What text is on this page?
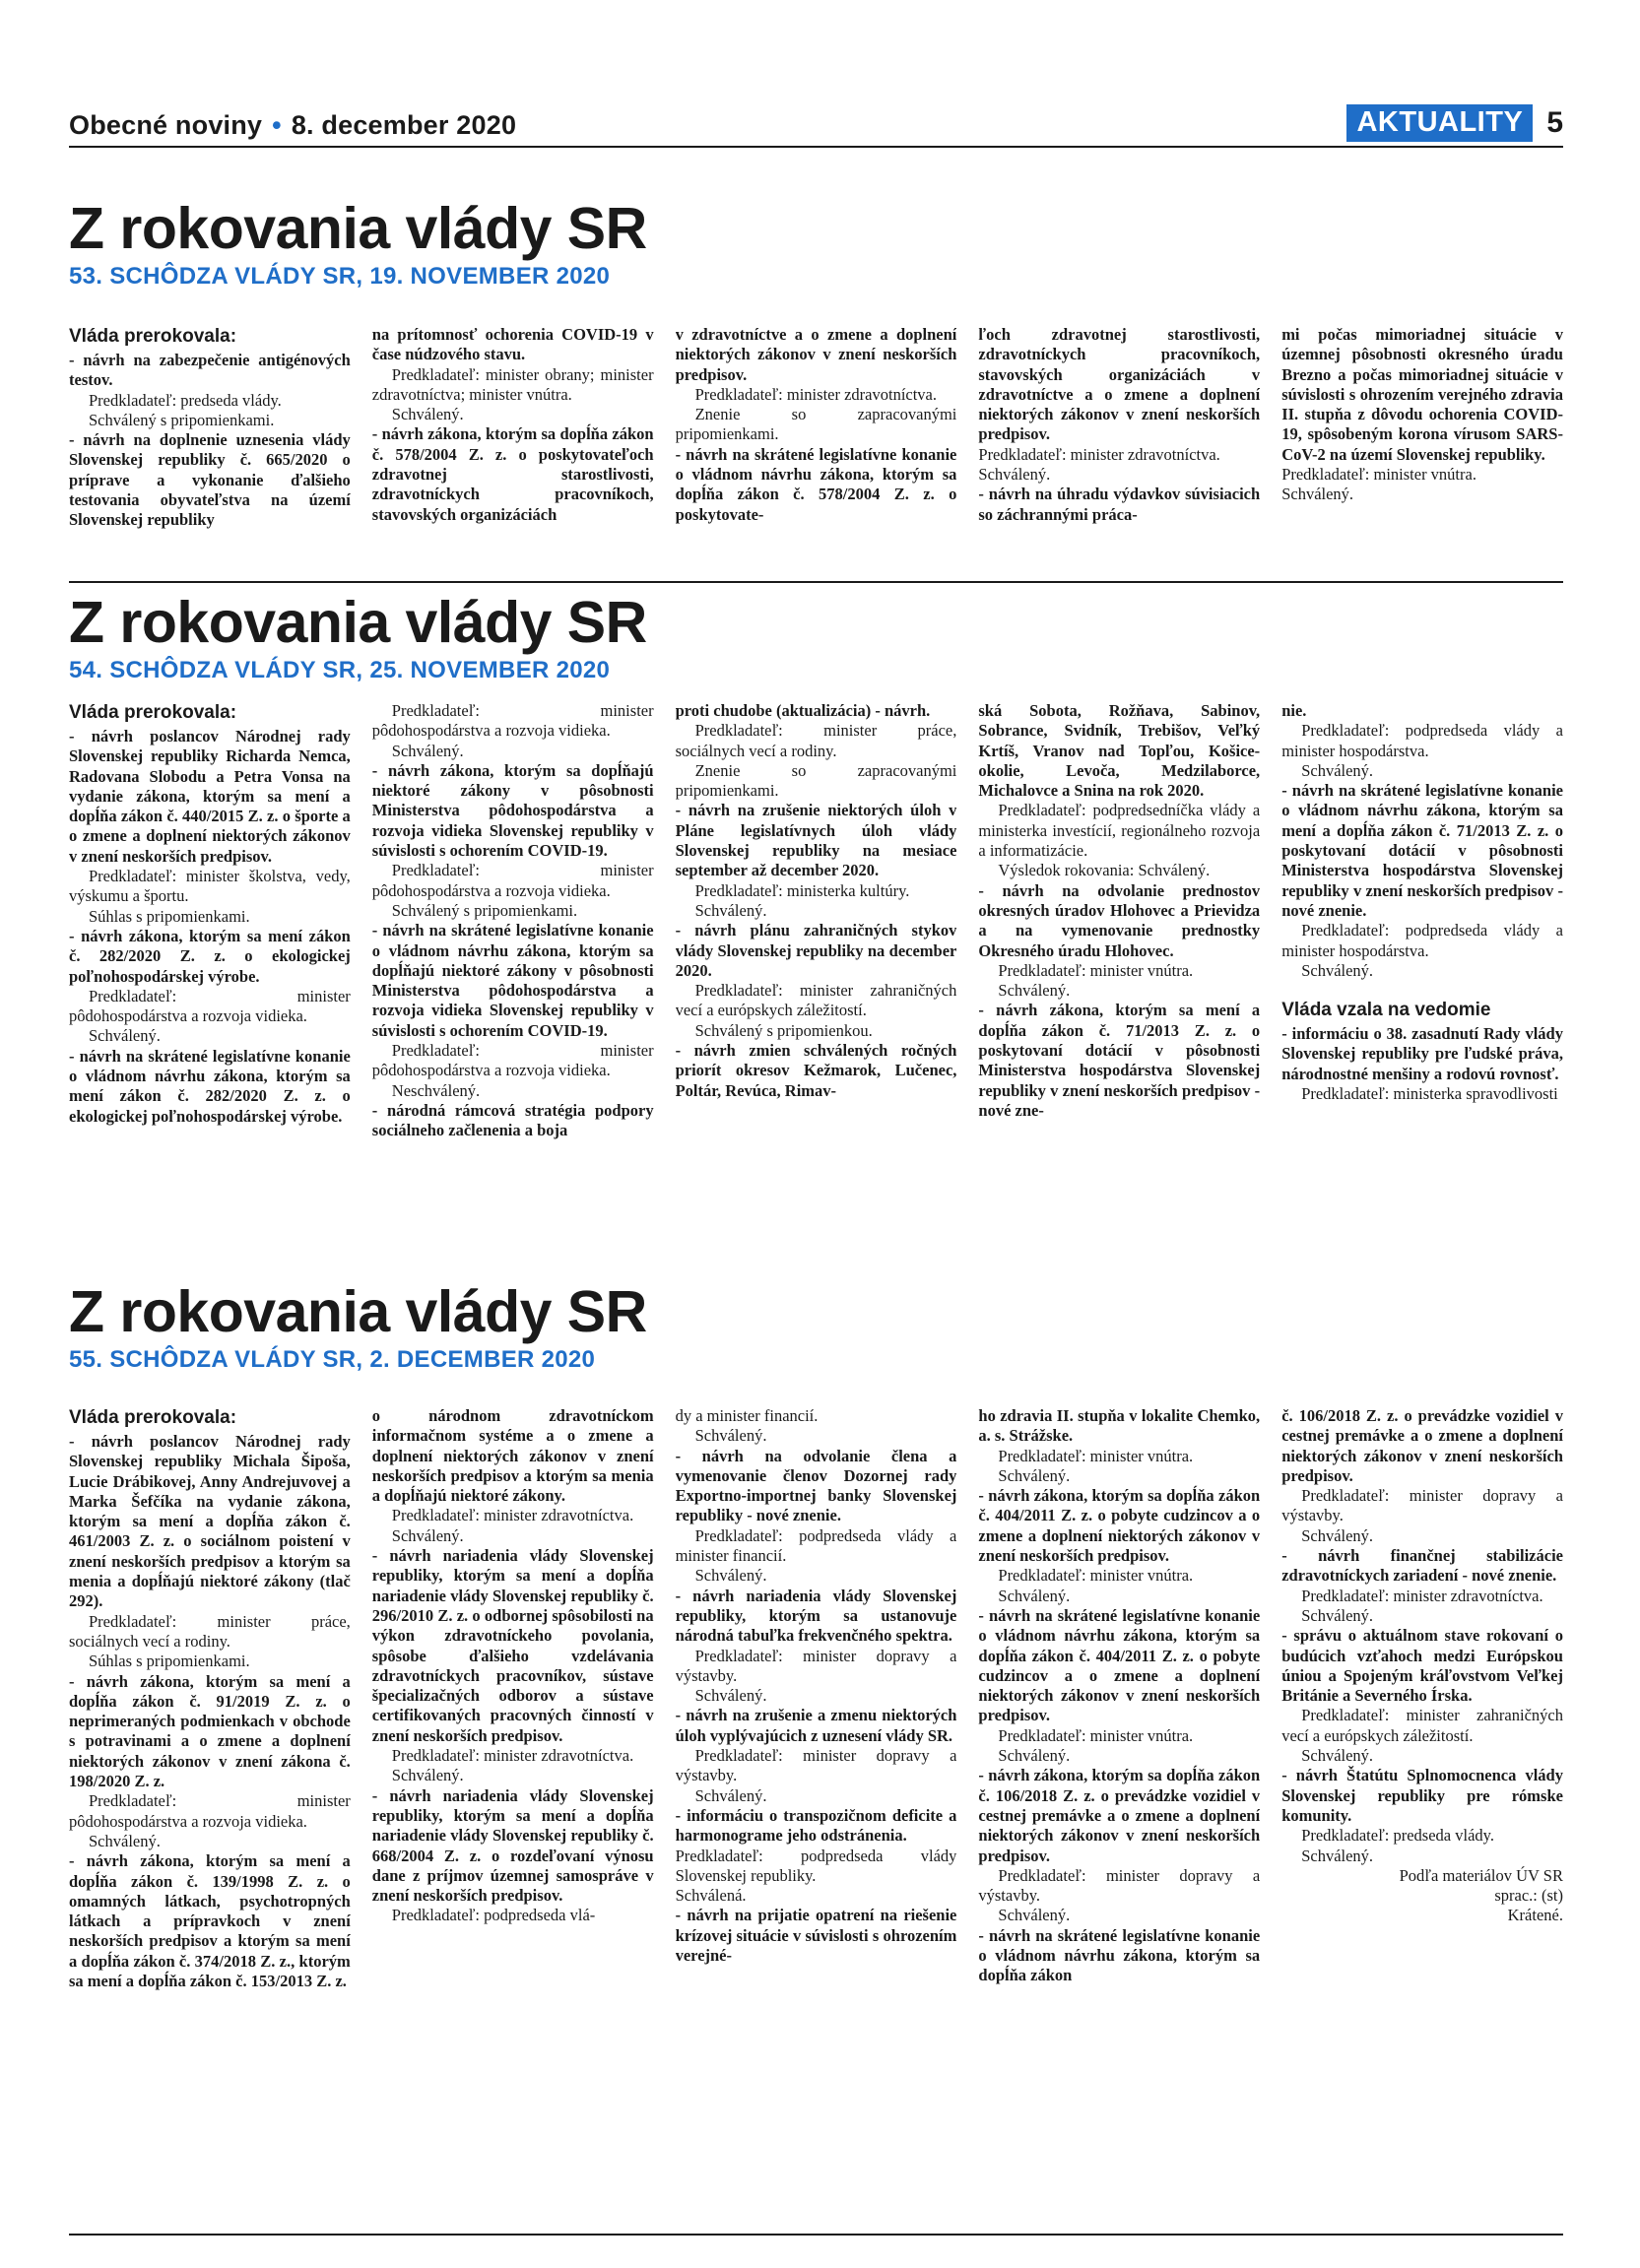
Obecné noviny • 8. december 2020	AKTUALITY 5
Z rokovania vlády SR
53. SCHÔDZA VLÁDY SR, 19. NOVEMBER 2020

Vláda prerokovala:

- návrh na zabezpečenie antigénových testov.

Predkladateľ: predseda vlády.

Schválený s pripomienkami.

- návrh na doplnenie uznesenia vlády Slovenskej republiky č. 665/2020 o príprave a vykonanie ďalšieho testovania obyvateľstva na území Slovenskej republiky

na prítomnosť ochorenia COVID-19 v čase núdzového stavu.

Predkladateľ: minister obrany; minister zdravotníctva; minister vnútra.

Schválený.

- návrh zákona, ktorým sa dopĺňa zákon č. 578/2004 Z. z. o poskytovateľoch zdravotnej starostlivosti, zdravotníckych pracovníkoch, stavovských organizáciách

v zdravotníctve a o zmene a doplnení niektorých zákonov v znení neskorších predpisov.

Predkladateľ: minister zdravotníctva.

Znenie so zapracovanými pripomienkami.

- návrh na skrátené legislatívne konanie o vládnom návrhu zákona, ktorým sa dopĺňa zákon č. 578/2004 Z. z. o poskytovate-

ľoch zdravotnej starostlivosti, zdravotníckych pracovníkoch, stavovských organizáciách v zdravotníctve a o zmene a doplnení niektorých zákonov v znení neskorších predpisov.

Predkladateľ: minister zdravotníctva.

Schválený.

- návrh na úhradu výdavkov súvisiacich so záchrannými práca-

mi počas mimoriadnej situácie v územnej pôsobnosti okresného úradu Brezno a počas mimoriadnej situácie v súvislosti s ohrozením verejného zdravia II. stupňa z dôvodu ochorenia COVID-19, spôsobeným korona vírusom SARS-CoV-2 na území Slovenskej republiky.

Predkladateľ: minister vnútra.

Schválený.

Z rokovania vlády SR
54. SCHÔDZA VLÁDY SR, 25. NOVEMBER 2020

Vláda prerokovala:

- návrh poslancov Národnej rady Slovenskej republiky Richarda Nemca, Radovana Slobodu a Petra Vonsa na vydanie zákona, ktorým sa mení a dopĺňa zákon č. 440/2015 Z. z. o športe a o zmene a doplnení niektorých zákonov v znení neskorších predpisov.

Predkladateľ: minister školstva, vedy, výskumu a športu.

Súhlas s pripomienkami.

- návrh zákona, ktorým sa mení zákon č. 282/2020 Z. z. o ekologickej poľnohospodárskej výrobe.

Predkladateľ: minister pôdohospodárstva a rozvoja vidieka.

Schválený.

- návrh na skrátené legislatívne konanie o vládnom návrhu zákona, ktorým sa mení zákon č. 282/2020 Z. z. o ekologickej poľnohospodárskej výrobe.

Predkladateľ: minister pôdohospodárstva a rozvoja vidieka.

Schválený.

- návrh zákona, ktorým sa dopĺňajú niektoré zákony v pôsobnosti Ministerstva pôdohospodárstva a rozvoja vidieka Slovenskej republiky v súvislosti s ochorením COVID-19.

Predkladateľ: minister pôdohospodárstva a rozvoja vidieka.

Schválený s pripomienkami.

- návrh na skrátené legislatívne konanie o vládnom návrhu zákona, ktorým sa dopĺňajú niektoré zákony v pôsobnosti Ministerstva pôdohospodárstva a rozvoja vidieka Slovenskej republiky v súvislosti s ochorením COVID-19.

Predkladateľ: minister pôdohospodárstva a rozvoja vidieka.

Neschválený.

- národná rámcová stratégia podpory sociálneho začlenenia a boja

proti chudobe (aktualizácia) - návrh.

Predkladateľ: minister práce, sociálnych vecí a rodiny.

Znenie so zapracovanými pripomienkami.

- návrh na zrušenie niektorých úloh v Pláne legislatívnych úloh vlády Slovenskej republiky na mesiace september až december 2020.

Predkladateľ: ministerka kultúry.

Schválený.

- návrh plánu zahraničných stykov vlády Slovenskej republiky na december 2020.

Predkladateľ: minister zahraničných vecí a európskych záležitostí.

Schválený s pripomienkou.

- návrh zmien schválených ročných priorít okresov Kežmarok, Lučenec, Poltár, Revúca, Rimav-

ská Sobota, Rožňava, Sabinov, Sobrance, Svidník, Trebišov, Veľký Krtíš, Vranov nad Topľou, Košice-okolie, Levoča, Medzilaborce, Michalovce a Snina na rok 2020.

Predkladateľ: podpredsedníčka vlády a ministerka investícií, regionálneho rozvoja a informatizácie.

Výsledok rokovania: Schválený.

- návrh na odvolanie prednostov okresných úradov Hlohovec a Prievidza a na vymenovanie prednostky Okresného úradu Hlohovec.

Predkladateľ: minister vnútra.

Schválený.

- návrh zákona, ktorým sa mení a dopĺňa zákon č. 71/2013 Z. z. o poskytovaní dotácií v pôsobnosti Ministerstva hospodárstva Slovenskej republiky v znení neskorších predpisov - nové zne-

nie.

Predkladateľ: podpredseda vlády a minister hospodárstva.

Schválený.

- návrh na skrátené legislatívne konanie o vládnom návrhu zákona, ktorým sa mení a dopĺňa zákon č. 71/2013 Z. z. o poskytovaní dotácií v pôsobnosti Ministerstva hospodárstva Slovenskej republiky v znení neskorších predpisov - nové znenie.

Predkladateľ: podpredseda vlády a minister hospodárstva.

Schválený.

Vláda vzala na vedomie

- informáciu o 38. zasadnutí Rady vlády Slovenskej republiky pre ľudské práva, národnostné menšiny a rodovú rovnosť.

Predkladateľ: ministerka spravodlivosti

Z rokovania vlády SR
55. SCHÔDZA VLÁDY SR, 2. DECEMBER 2020

Vláda prerokovala:

- návrh poslancov Národnej rady Slovenskej republiky Michala Šipoša, Lucie Drábikovej, Anny Andrejuvovej a Marka Šefčíka na vydanie zákona, ktorým sa mení a dopĺňa zákon č. 461/2003 Z. z. o sociálnom poistení v znení neskorších predpisov a ktorým sa menia a dopĺňajú niektoré zákony (tlač 292).

Predkladateľ: minister práce, sociálnych vecí a rodiny.

Súhlas s pripomienkami.

- návrh zákona, ktorým sa mení a dopĺňa zákon č. 91/2019 Z. z. o neprimeraných podmienkach v obchode s potravinami a o zmene a doplnení niektorých zákonov v znení zákona č. 198/2020 Z. z.

Predkladateľ: minister pôdohospodárstva a rozvoja vidieka.

Schválený.

- návrh zákona, ktorým sa mení a dopĺňa zákon č. 139/1998 Z. z. o omamných látkach, psychotropných látkach a prípravkoch v znení neskorších predpisov a ktorým sa mení a dopĺňa zákon č. 374/2018 Z. z., ktorým sa mení a dopĺňa zákon č. 153/2013 Z. z.

o národnom zdravotníckom informačnom systéme a o zmene a doplnení niektorých zákonov v znení neskorších predpisov a ktorým sa menia a dopĺňajú niektoré zákony.

Predkladateľ: minister zdravotníctva.

Schválený.

- návrh nariadenia vlády Slovenskej republiky, ktorým sa mení a dopĺňa nariadenie vlády Slovenskej republiky č. 296/2010 Z. z. o odbornej spôsobilosti na výkon zdravotníckeho povolania, spôsobe ďalšieho vzdelávania zdravotníckych pracovníkov, sústave špecializačných odborov a sústave certifikovaných pracovných činností v znení neskorších predpisov.

Predkladateľ: minister zdravotníctva.

Schválený.

- návrh nariadenia vlády Slovenskej republiky, ktorým sa mení a dopĺňa nariadenie vlády Slovenskej republiky č. 668/2004 Z. z. o rozdeľovaní výnosu dane z príjmov územnej samospráve v znení neskorších predpisov.

Predkladateľ: podpredseda vlá-

dy a minister financií.

Schválený.

- návrh na odvolanie člena a vymenovanie členov Dozornej rady Exportno-importnej banky Slovenskej republiky - nové znenie.

Predkladateľ: podpredseda vlády a minister financií.

Schválený.

- návrh nariadenia vlády Slovenskej republiky, ktorým sa ustanovuje národná tabuľka frekvenčného spektra.

Predkladateľ: minister dopravy a výstavby.

Schválený.

- návrh na zrušenie a zmenu niektorých úloh vyplývajúcich z uznesení vlády SR.

Predkladateľ: minister dopravy a výstavby.

Schválený.

- informáciu o transpozičnom deficite a harmonograme jeho odstránenia.

Predkladateľ: podpredseda vlády Slovenskej republiky.

Schválená.

- návrh na prijatie opatrení na riešenie krízovej situácie v súvislosti s ohrozením verejné-

ho zdravia II. stupňa v lokalite Chemko, a. s. Strážske.

Predkladateľ: minister vnútra.

Schválený.

- návrh zákona, ktorým sa dopĺňa zákon č. 404/2011 Z. z. o pobyte cudzincov a o zmene a doplnení niektorých zákonov v znení neskorších predpisov.

Predkladateľ: minister vnútra.

Schválený.

- návrh na skrátené legislatívne konanie o vládnom návrhu zákona, ktorým sa dopĺňa zákon č. 404/2011 Z. z. o pobyte cudzincov a o zmene a doplnení niektorých zákonov v znení neskorších predpisov.

Predkladateľ: minister vnútra.

Schválený.

- návrh zákona, ktorým sa dopĺňa zákon č. 106/2018 Z. z. o prevádzke vozidiel v cestnej premávke a o zmene a doplnení niektorých zákonov v znení neskorších predpisov.

Predkladateľ: minister dopravy a výstavby.

Schválený.

- návrh na skrátené legislatívne konanie o vládnom návrhu zákona, ktorým sa dopĺňa zákon

č. 106/2018 Z. z. o prevádzke vozidiel v cestnej premávke a o zmene a doplnení niektorých zákonov v znení neskorších predpisov.

Predkladateľ: minister dopravy a výstavby.

Schválený.

- návrh finančnej stabilizácie zdravotníckych zariadení - nové znenie.

Predkladateľ: minister zdravotníctva.

Schválený.

- správu o aktuálnom stave rokovaní o budúcich vzťahoch medzi Európskou úniou a Spojeným kráľovstvom Veľkej Británie a Severného Írska.

Predkladateľ: minister zahraničných vecí a európskych záležitostí.

Schválený.

- návrh Štatútu Splnomocnenca vlády Slovenskej republiky pre rómske komunity.

Predkladateľ: predseda vlády.

Schválený.

Podľa materiálov ÚV SR

sprac.: (st)

Krátené.
